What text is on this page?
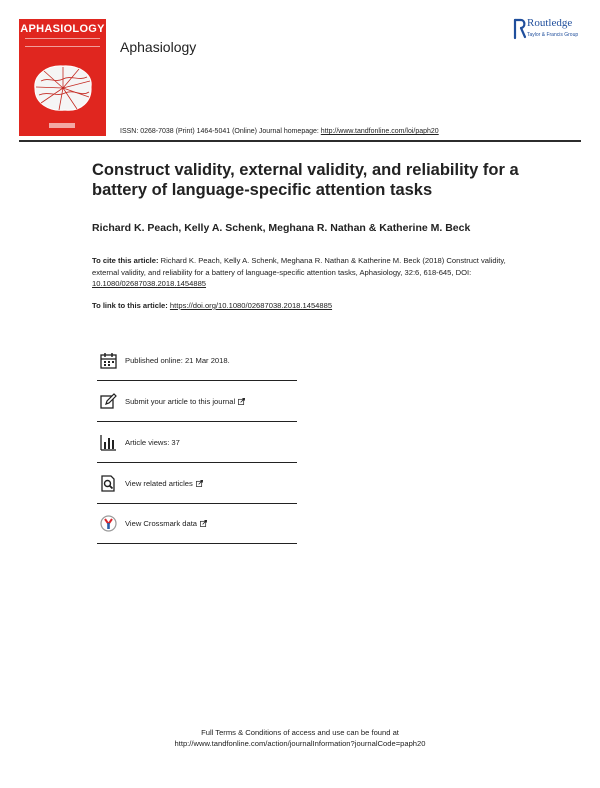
APHASIOLOGY
Aphasiology
Routledge
Taylor & Francis Group
ISSN: 0268-7038 (Print) 1464-5041 (Online) Journal homepage: http://www.tandfonline.com/loi/paph20
Construct validity, external validity, and reliability for a battery of language-specific attention tasks
Richard K. Peach, Kelly A. Schenk, Meghana R. Nathan & Katherine M. Beck
To cite this article: Richard K. Peach, Kelly A. Schenk, Meghana R. Nathan & Katherine M. Beck (2018) Construct validity, external validity, and reliability for a battery of language-specific attention tasks, Aphasiology, 32:6, 618-645, DOI: 10.1080/02687038.2018.1454885
To link to this article: https://doi.org/10.1080/02687038.2018.1454885
Published online: 21 Mar 2018.
Submit your article to this journal
Article views: 37
View related articles
View Crossmark data
Full Terms & Conditions of access and use can be found at
http://www.tandfonline.com/action/journalInformation?journalCode=paph20
